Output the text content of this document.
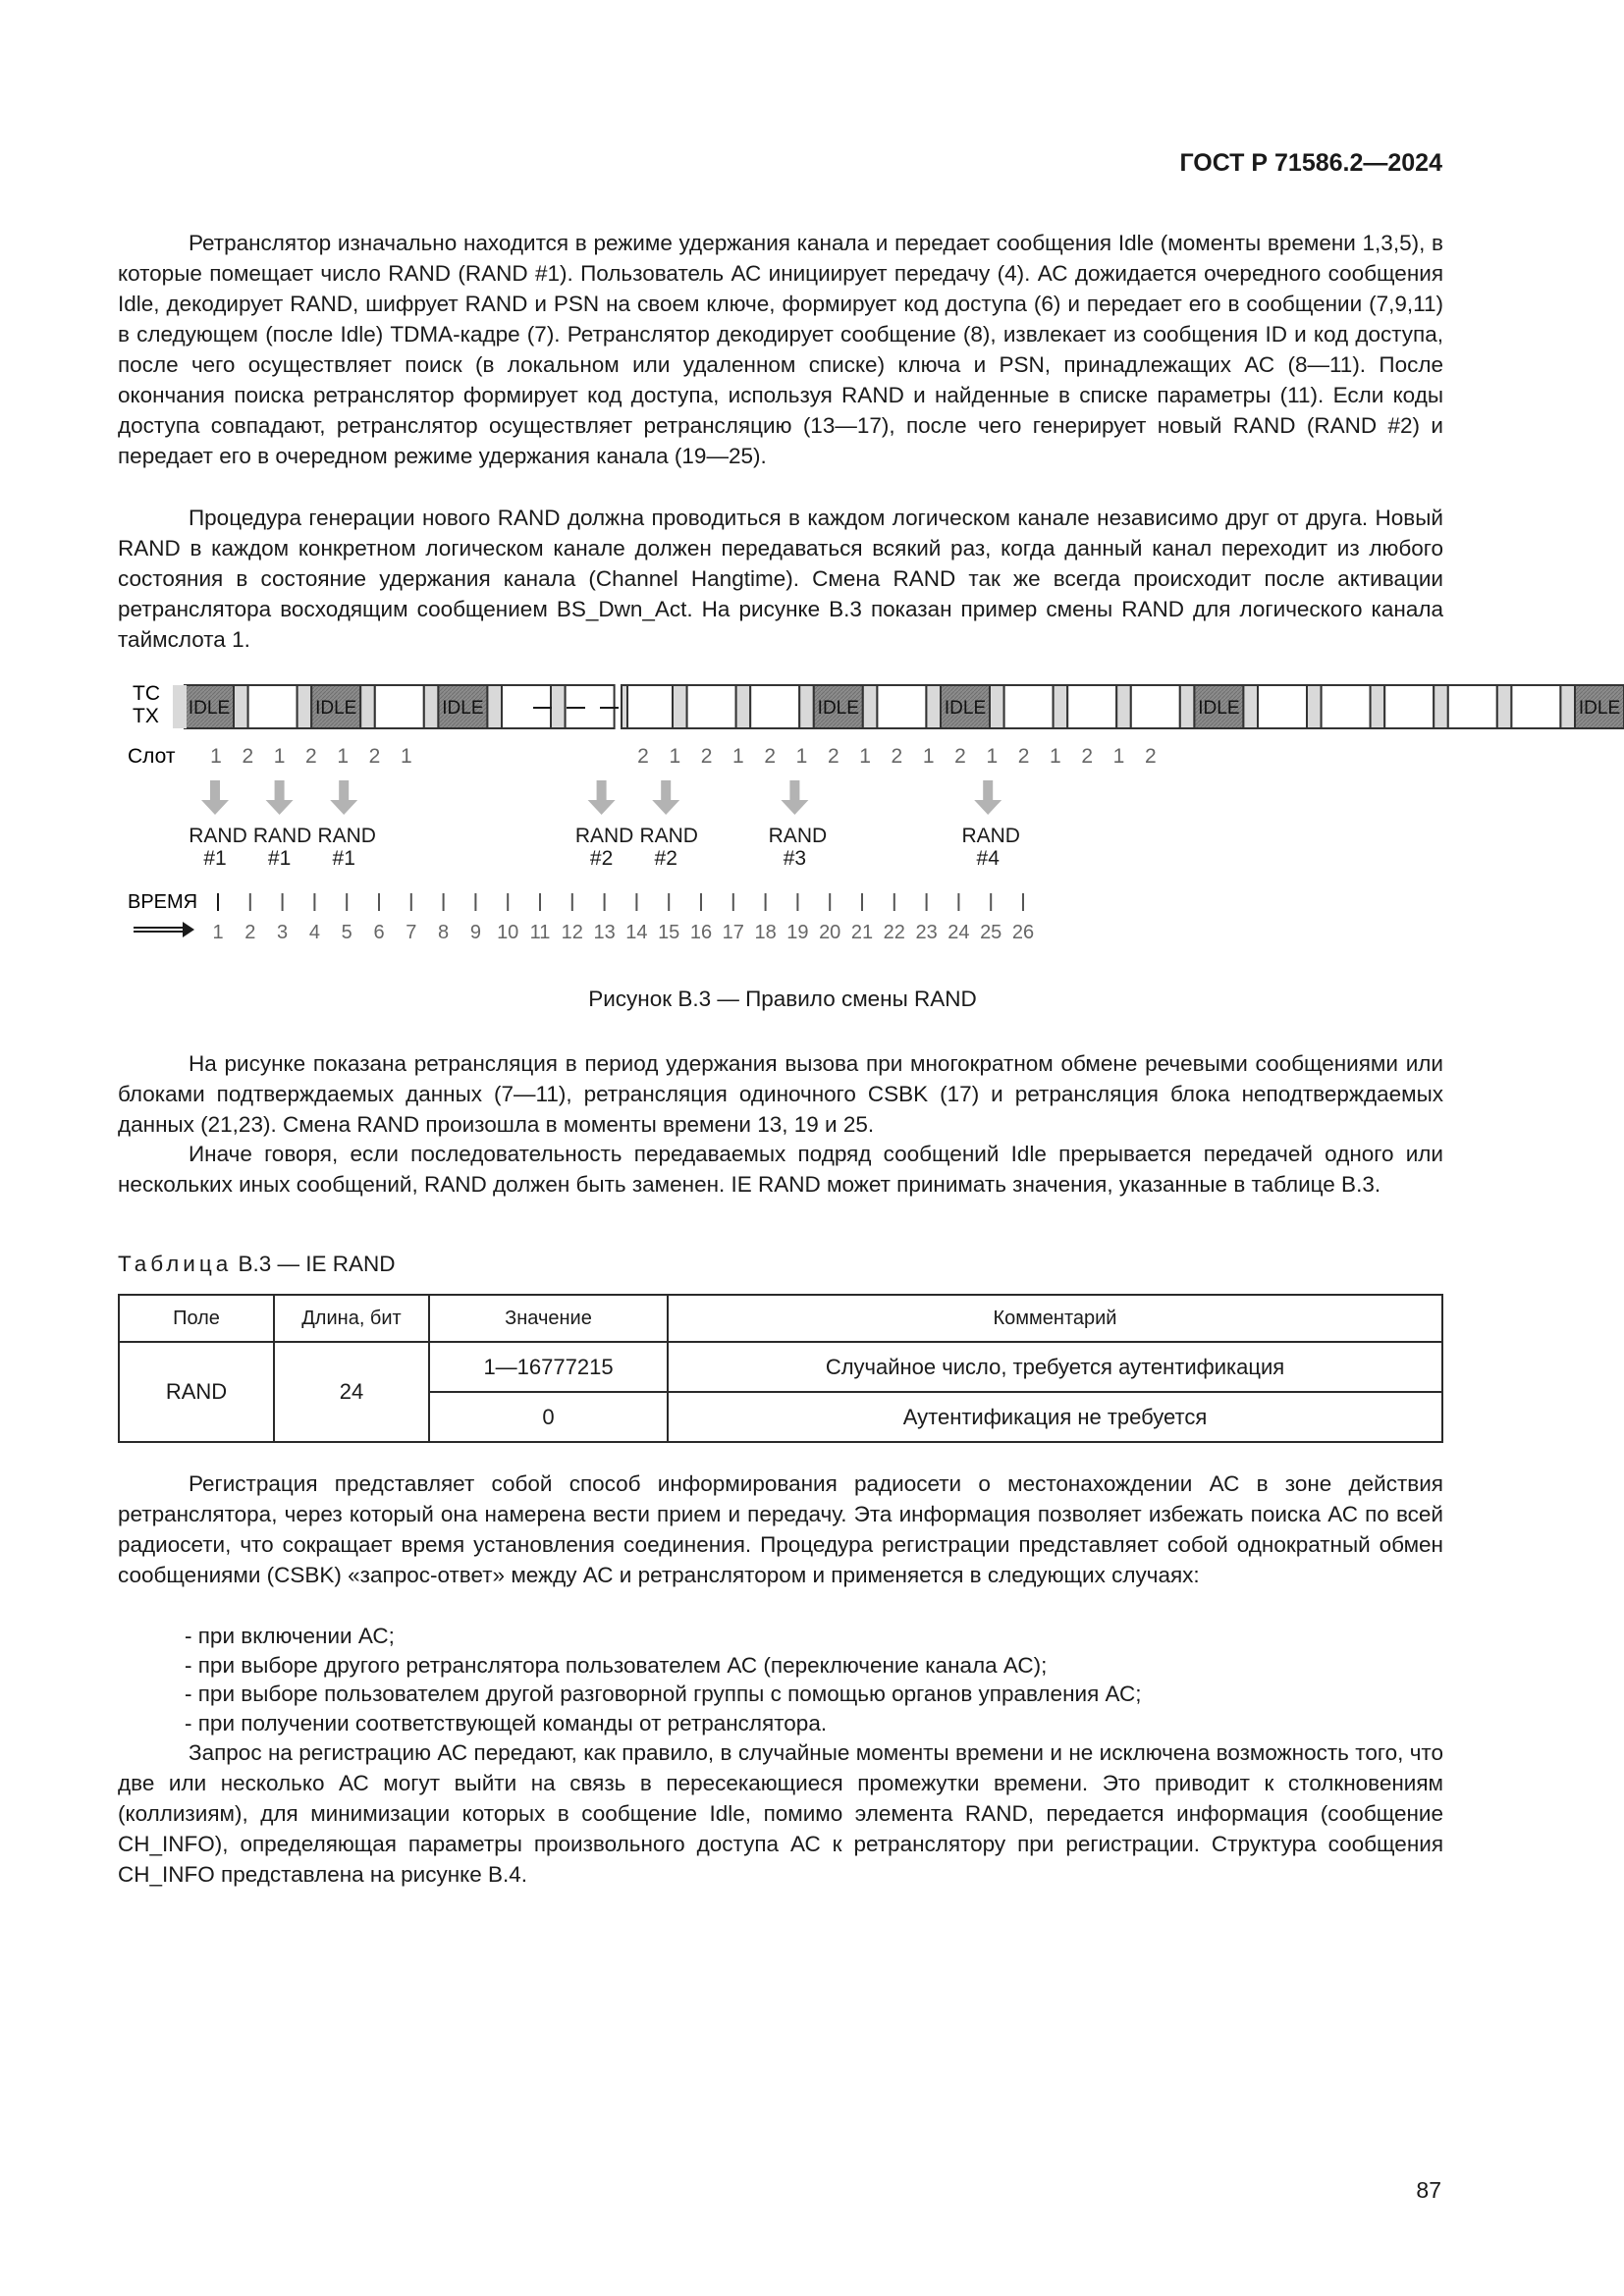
ГОСТ Р 71586.2—2024

Ретранслятор изначально находится в режиме удержания канала и передает сообщения Idle (моменты времени 1,3,5), в которые помещает число RAND (RAND #1). Пользователь АС инициирует передачу (4). АС дожидается очередного сообщения Idle, декодирует RAND, шифрует RAND и PSN на своем ключе, формирует код доступа (6) и передает его в сообщении (7,9,11) в следующем (после Idle) TDMA-кадре (7). Ретранслятор декодирует сообщение (8), извлекает из сообщения ID и код доступа, после чего осуществляет поиск (в локальном или удаленном списке) ключа и PSN, принадлежащих АС (8—11). После окончания поиска ретранслятор формирует код доступа, используя RAND и найденные в списке параметры (11). Если коды доступа совпадают, ретранслятор осуществляет ретрансляцию (13—17), после чего генерирует новый RAND (RAND #2) и передает его в очередном режиме удержания канала (19—25).

Процедура генерации нового RAND должна проводиться в каждом логическом канале независимо друг от друга. Новый RAND в каждом конкретном логическом канале должен передаваться всякий раз, когда данный канал переходит из любого состояния в состояние удержания канала (Channel Hangtime). Смена RAND так же всегда происходит после активации ретранслятора восходящим сообщением BS_Dwn_Act. На рисунке В.3 показан пример смены RAND для логического канала таймслота 1.

TC
TX
Слот
ВРЕМЯ
IDLE	IDLE	IDLE	IDLE	IDLE	IDLE	IDLE
1 2 1 2 1 2 1	2 1 2 1 2 1 2 1 2 1 2 1 2 1 2 1 2
RAND
#1
RAND
#1
RAND
#1
RAND
#2
RAND
#2
RAND
#3
RAND
#4
1 2 3 4 5 6 7 8 9 10 11 12 13 14 15 16 17 18 19 20 21 22 23 24 25 26
Рисунок В.3 — Правило смены RAND

На рисунке показана ретрансляция в период удержания вызова при многократном обмене речевыми сообщениями или блоками подтверждаемых данных (7—11), ретрансляция одиночного CSBK (17) и ретрансляция блока неподтверждаемых данных (21,23). Смена RAND произошла в моменты времени 13, 19 и 25.

Иначе говоря, если последовательность передаваемых подряд сообщений Idle прерывается передачей одного или нескольких иных сообщений, RAND должен быть заменен. IE RAND может принимать значения, указанные в таблице В.3.

Таблица В.3 — IE RAND
Поле	Длина, бит	Значение	Комментарий
RAND	24	1—16777215	Случайное число, требуется аутентификация
		0	Аутентификация не требуется

Регистрация представляет собой способ информирования радиосети о местонахождении АС в зоне действия ретранслятора, через который она намерена вести прием и передачу. Эта информация позволяет избежать поиска АС по всей радиосети, что сокращает время установления соединения. Процедура регистрации представляет собой однократный обмен сообщениями (CSBK) «запрос-ответ» между АС и ретранслятором и применяется в следующих случаях:

- при включении АС;
- при выборе другого ретранслятора пользователем АС (переключение канала АС);
- при выборе пользователем другой разговорной группы с помощью органов управления АС;
- при получении соответствующей команды от ретранслятора.

Запрос на регистрацию АС передают, как правило, в случайные моменты времени и не исключена возможность того, что две или несколько АС могут выйти на связь в пересекающиеся промежутки времени. Это приводит к столкновениям (коллизиям), для минимизации которых в сообщение Idle, помимо элемента RAND, передается информация (сообщение CH_INFO), определяющая параметры произвольного доступа АС к ретранслятору при регистрации. Структура сообщения CH_INFO представлена на рисунке В.4.

87
